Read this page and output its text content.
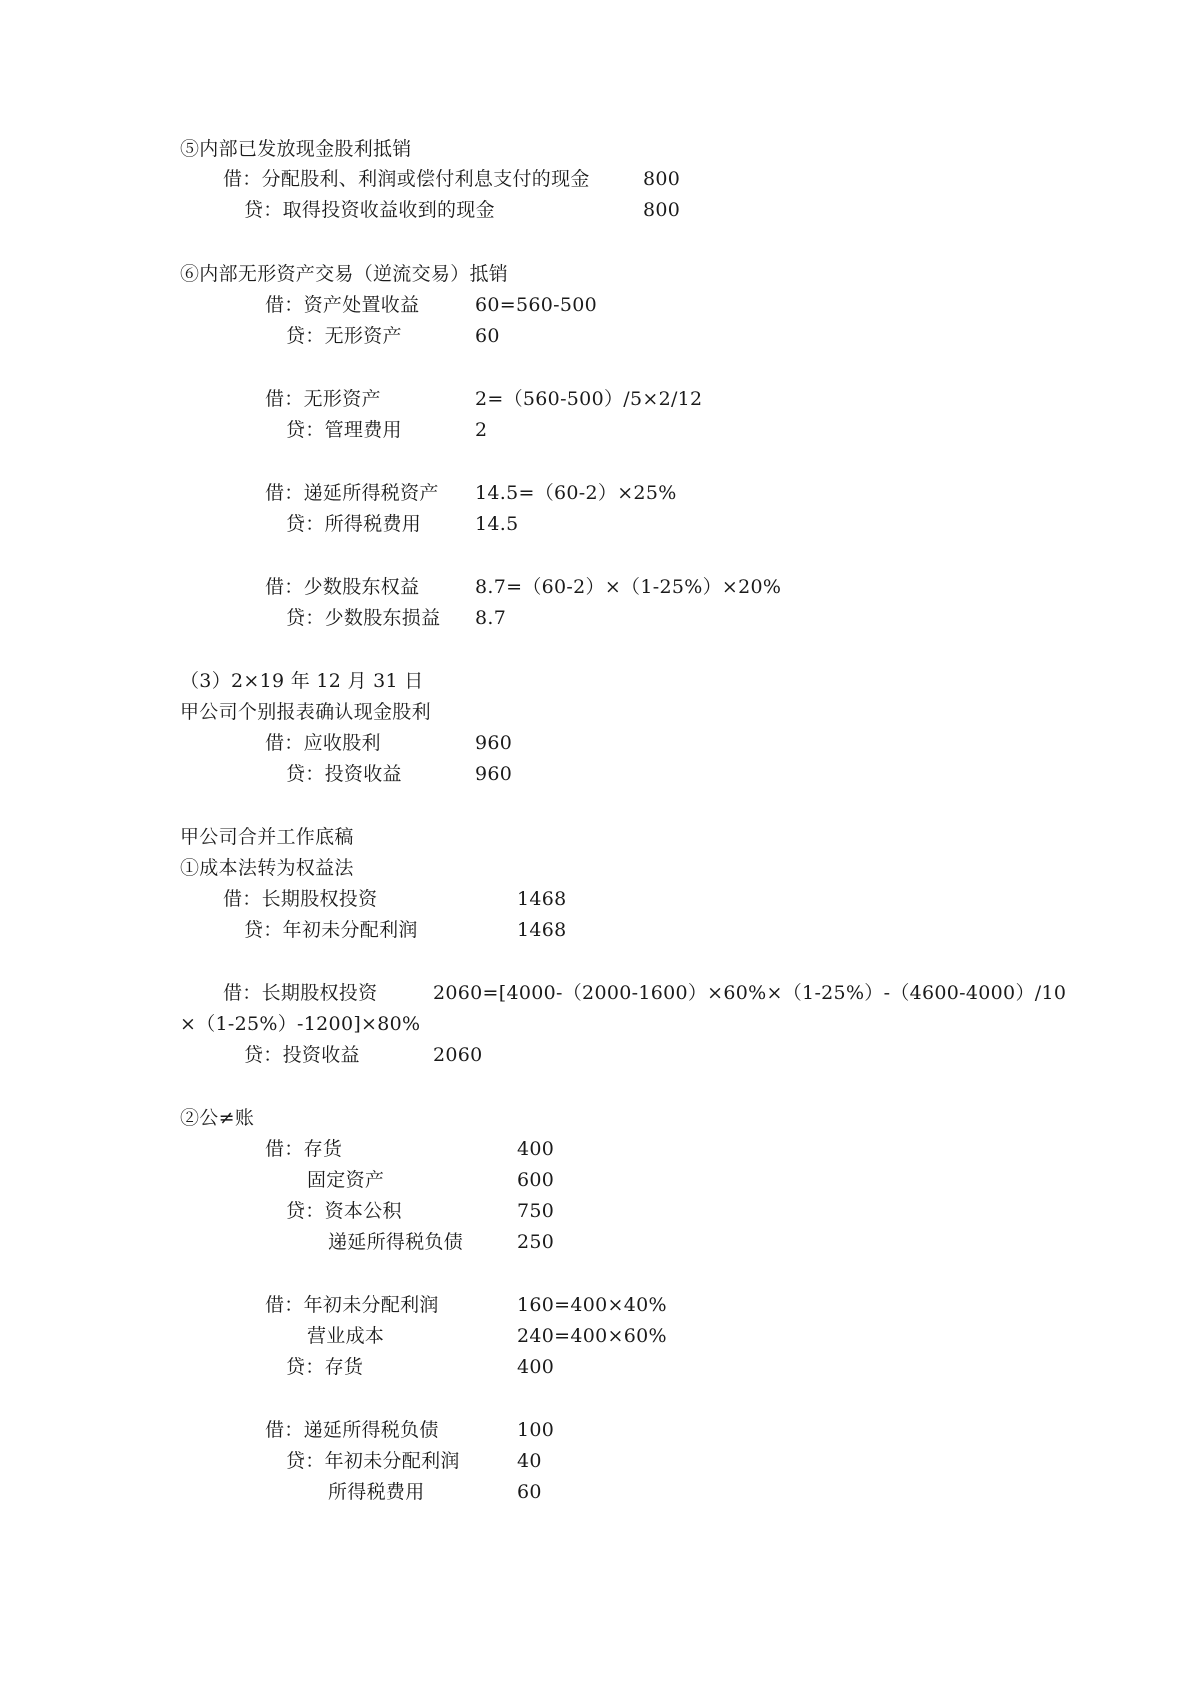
⑤内部已发放现金股利抵销
借：分配股利、利润或偿付利息支付的现金	800
贷：取得投资收益收到的现金	800
⑥内部无形资产交易（逆流交易）抵销
借：资产处置收益	60=560-500
贷：无形资产	60
借：无形资产	2=（560-500）/5×2/12
贷：管理费用	2
借：递延所得税资产 14.5=（60-2）×25%
贷：所得税费用	14.5
借：少数股东权益	8.7=（60-2）×（1-25%）×20%
贷：少数股东损益 8.7
（3）2×19 年 12 月 31 日
甲公司个别报表确认现金股利
借：应收股利	960
贷：投资收益	960
甲公司合并工作底稿
①成本法转为权益法
借：长期股权投资	1468
贷：年初未分配利润	1468
借：长期股权投资	2060=[4000-（2000-1600）×60%×（1-25%）-（4600-4000）/10
×（1-25%）-1200]×80%
贷：投资收益	2060
②公≠账
借：存货	400
固定资产	600
贷：资本公积	750
递延所得税负债	250
借：年初未分配利润	160=400×40%
营业成本	240=400×60%
贷：存货	400
借：递延所得税负债	100
贷：年初未分配利润	40
所得税费用	60
